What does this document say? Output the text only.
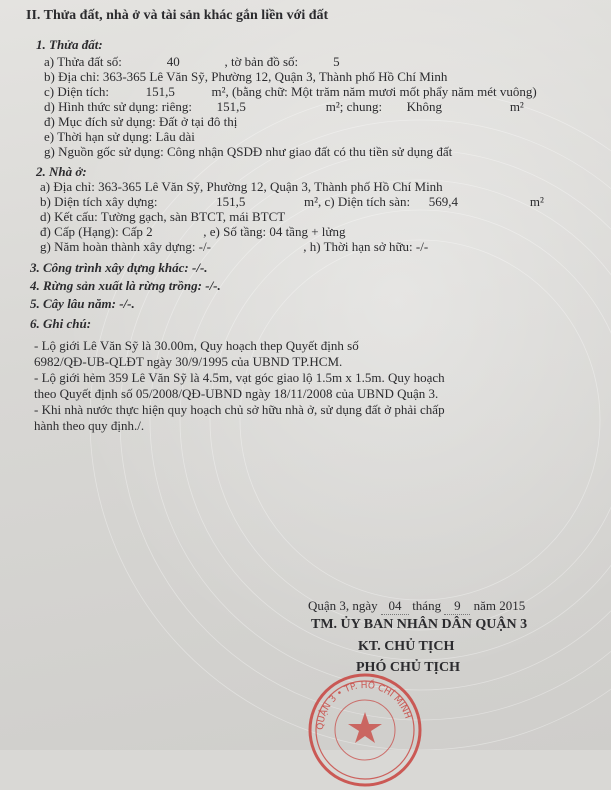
II. Thửa đất, nhà ở và tài sản khác gắn liền với đất
1. Thửa đất:
a) Thửa đất số:	40	, tờ bản đồ số:	5
b) Địa chỉ: 363-365 Lê Văn Sỹ, Phường 12, Quận 3, Thành phố Hồ Chí Minh
c) Diện tích:	151,5	m², (bằng chữ: Một trăm năm mươi mốt phẩy năm mét vuông)
d) Hình thức sử dụng: riêng: 151,5	m²; chung: Không	m²
đ) Mục đích sử dụng: Đất ở tại đô thị
e) Thời hạn sử dụng: Lâu dài
g) Nguồn gốc sử dụng: Công nhận QSDĐ như giao đất có thu tiền sử dụng đất
2. Nhà ở:
a) Địa chỉ: 363-365 Lê Văn Sỹ, Phường 12, Quận 3, Thành phố Hồ Chí Minh
b) Diện tích xây dựng:	151,5	m², c) Diện tích sàn: 569,4	m²
d) Kết cấu: Tường gạch, sàn BTCT, mái BTCT
đ) Cấp (Hạng): Cấp 2	, e) Số tầng: 04 tầng + lửng
g) Năm hoàn thành xây dựng: -/-	, h) Thời hạn sở hữu: -/-
3. Công trình xây dựng khác: -/-.
4. Rừng sản xuất là rừng trồng: -/-.
5. Cây lâu năm: -/-.
6. Ghi chú:
- Lộ giới Lê Văn Sỹ là 30.00m, Quy hoạch thep Quyết định số
6982/QĐ-UB-QLĐT ngày 30/9/1995 của UBND TP.HCM.
- Lộ giới hẻm 359 Lê Văn Sỹ là 4.5m, vạt góc giao lộ 1.5m x 1.5m. Quy hoạch
theo Quyết định số 05/2008/QĐ-UBND ngày 18/11/2008 của UBND Quận 3.
- Khi nhà nước thực hiện quy hoạch chủ sở hữu nhà ở, sử dụng đất ở phải chấp
hành theo quy định./.
Quận 3, ngày 04 tháng 9 năm 2015
TM. ỦY BAN NHÂN DÂN QUẬN 3
KT. CHỦ TỊCH
PHÓ CHỦ TỊCH
QUẬN 3 • TP. HỒ CHÍ MINH
